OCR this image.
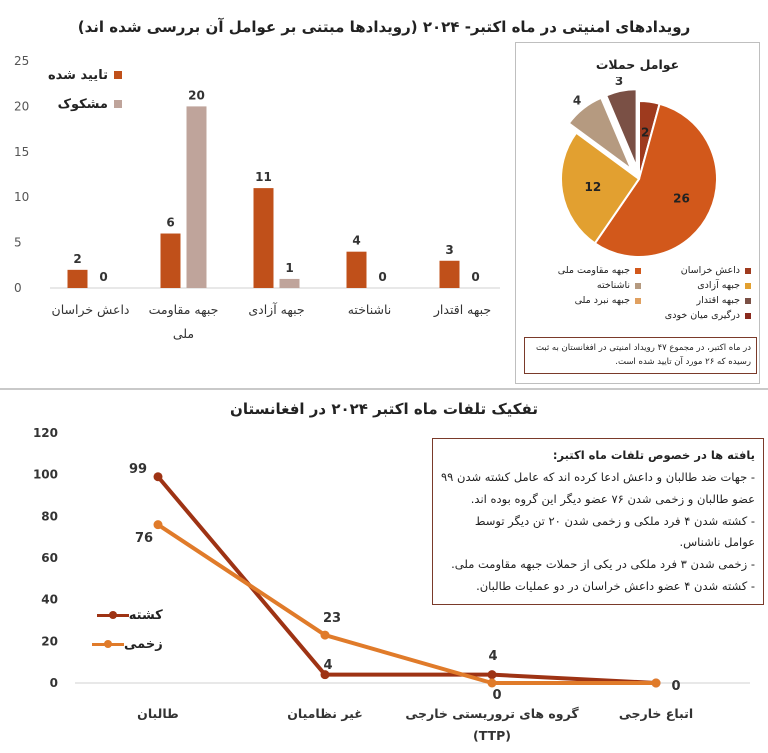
رویدادهای امنیتی در ماه اکتبر- ۲۰۲۴ (رویدادها مبتنی بر عوامل آن بررسی شده اند)
0
5
10
15
20
25
2
0
داعش خراسان
6
20
جبهه مقاومت
ملی
11
1
جبهه آزادی
4
0
ناشناخته
3
0
جبهه اقتدار
تایید شده
مشکوک
عوامل حملات
2
26
12
4
3
داعش خراسانجبهه مقاومت ملیجبهه آزادیناشناختهجبهه اقتدارجبهه نبرد ملیدرگیری میان خودی
در ماه اکتبر، در مجموع ۴۷ رویداد امنیتی در افغانستان به ثبت رسیده که ۲۶ مورد آن تایید شده است.
تفکیک تلفات ماه اکتبر ۲۰۲۴ در افغانستان
0
20
40
60
80
100
120
99
4
4
0
76
23
0
طالبان	غیر نظامیان	گروه های تروریستی خارجی
(TTP)
اتباع خارجی
کشته
زخمی
یافته ها در خصوص تلفات ماه اکتبر:
- جهات ضد طالبان و داعش ادعا کرده اند که عامل کشته شدن ۹۹ عضو طالبان و زخمی شدن ۷۶ عضو دیگر این گروه بوده اند.
- کشته شدن ۴ فرد ملکی و زخمی شدن ۲۰ تن دیگر توسط عوامل ناشناس.
- زخمی شدن ۳ فرد ملکی در یکی از حملات جبهه مقاومت ملی.
- کشته شدن ۴ عضو داعش خراسان در دو عملیات طالبان.
